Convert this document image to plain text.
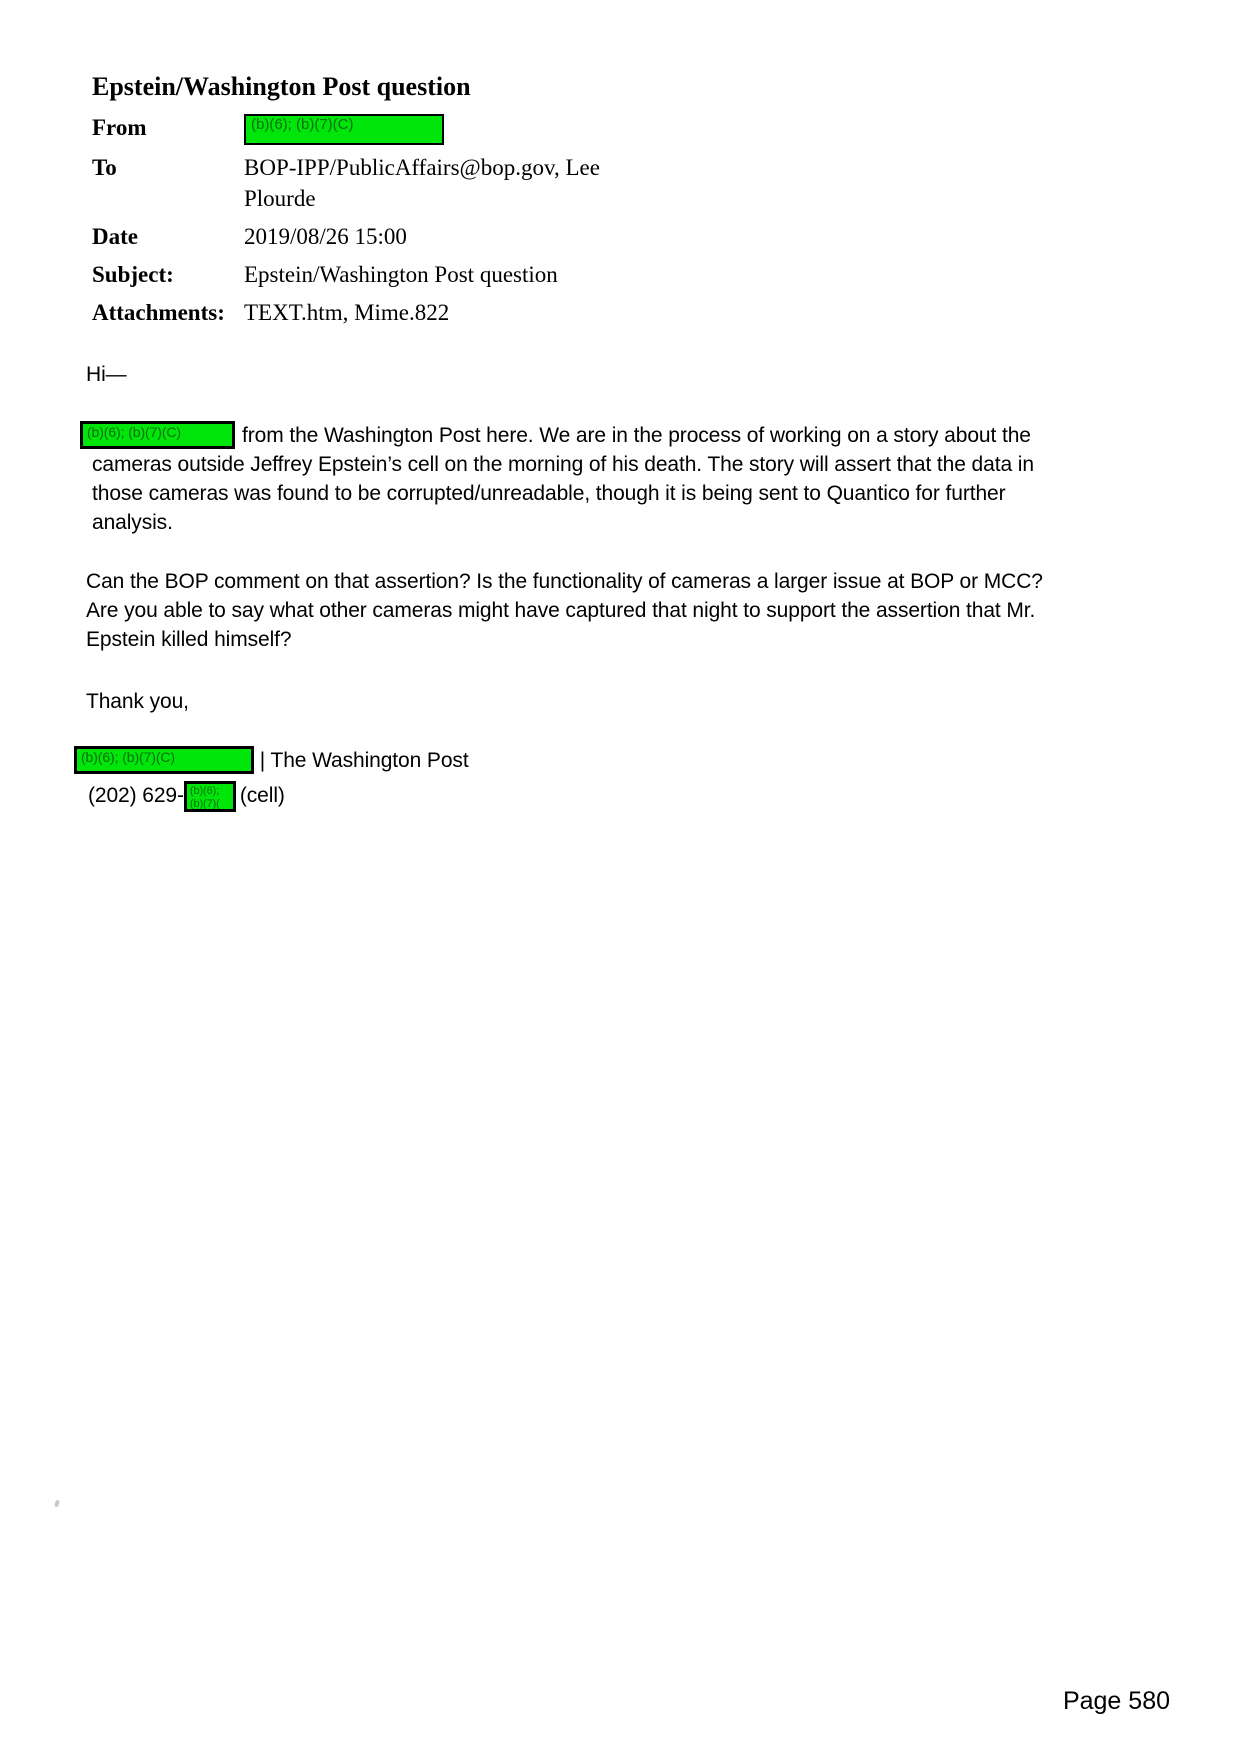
Epstein/Washington Post question
From	(b)(6); (b)(7)(C)
To	BOP-IPP/PublicAffairs@bop.gov, Lee Plourde
Date	2019/08/26 15:00
Subject:	Epstein/Washington Post question
Attachments: TEXT.htm, Mime.822
Hi—
(b)(6); (b)(7)(C)	from the Washington Post here. We are in the process of working on a story about the cameras outside Jeffrey Epstein’s cell on the morning of his death. The story will assert that the data in those cameras was found to be corrupted/unreadable, though it is being sent to Quantico for further analysis.
Can the BOP comment on that assertion? Is the functionality of cameras a larger issue at BOP or MCC? Are you able to say what other cameras might have captured that night to support the assertion that Mr. Epstein killed himself?
Thank you,
(b)(6); (b)(7)(C)	| The Washington Post
(202) 629- (b)(6);
(b)(7)( (cell)
Page 580
